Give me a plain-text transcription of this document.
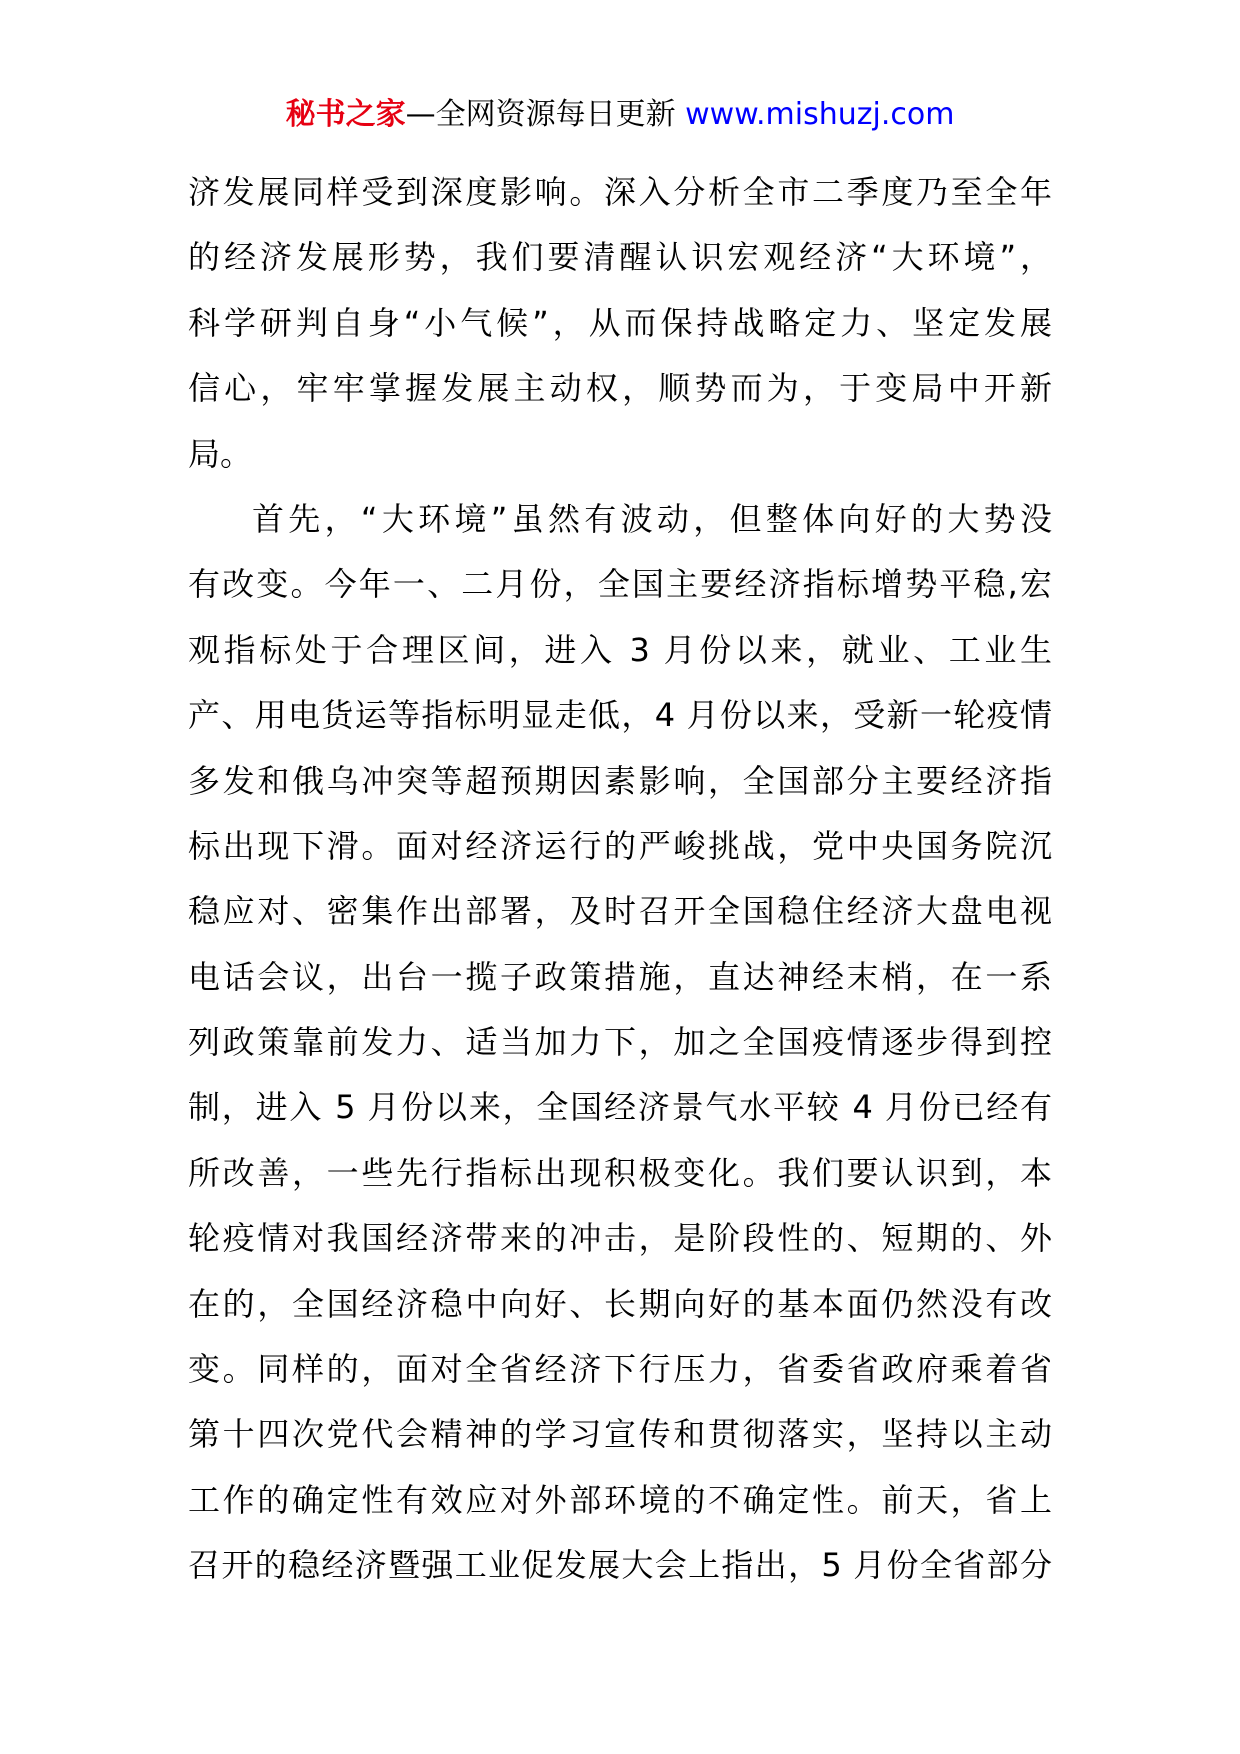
秘书之家—全网资源每日更新 www.mishuzj.com
济发展同样受到深度影响。深入分析全市二季度乃至全年
的经济发展形势，我们要清醒认识宏观经济“大环境”，
科学研判自身“小气候”，从而保持战略定力、坚定发展
信心，牢牢掌握发展主动权，顺势而为，于变局中开新
局。
首先，“大环境”虽然有波动，但整体向好的大势没
有改变。今年一、二月份，全国主要经济指标增势平稳,宏
观指标处于合理区间，进入 3 月份以来，就业、工业生
产、用电货运等指标明显走低，4 月份以来，受新一轮疫情
多发和俄乌冲突等超预期因素影响，全国部分主要经济指
标出现下滑。面对经济运行的严峻挑战，党中央国务院沉
稳应对、密集作出部署，及时召开全国稳住经济大盘电视
电话会议，出台一揽子政策措施，直达神经末梢，在一系
列政策靠前发力、适当加力下，加之全国疫情逐步得到控
制，进入 5 月份以来，全国经济景气水平较 4 月份已经有
所改善，一些先行指标出现积极变化。我们要认识到，本
轮疫情对我国经济带来的冲击，是阶段性的、短期的、外
在的，全国经济稳中向好、长期向好的基本面仍然没有改
变。同样的，面对全省经济下行压力，省委省政府乘着省
第十四次党代会精神的学习宣传和贯彻落实，坚持以主动
工作的确定性有效应对外部环境的不确定性。前天，省上
召开的稳经济暨强工业促发展大会上指出，5 月份全省部分
